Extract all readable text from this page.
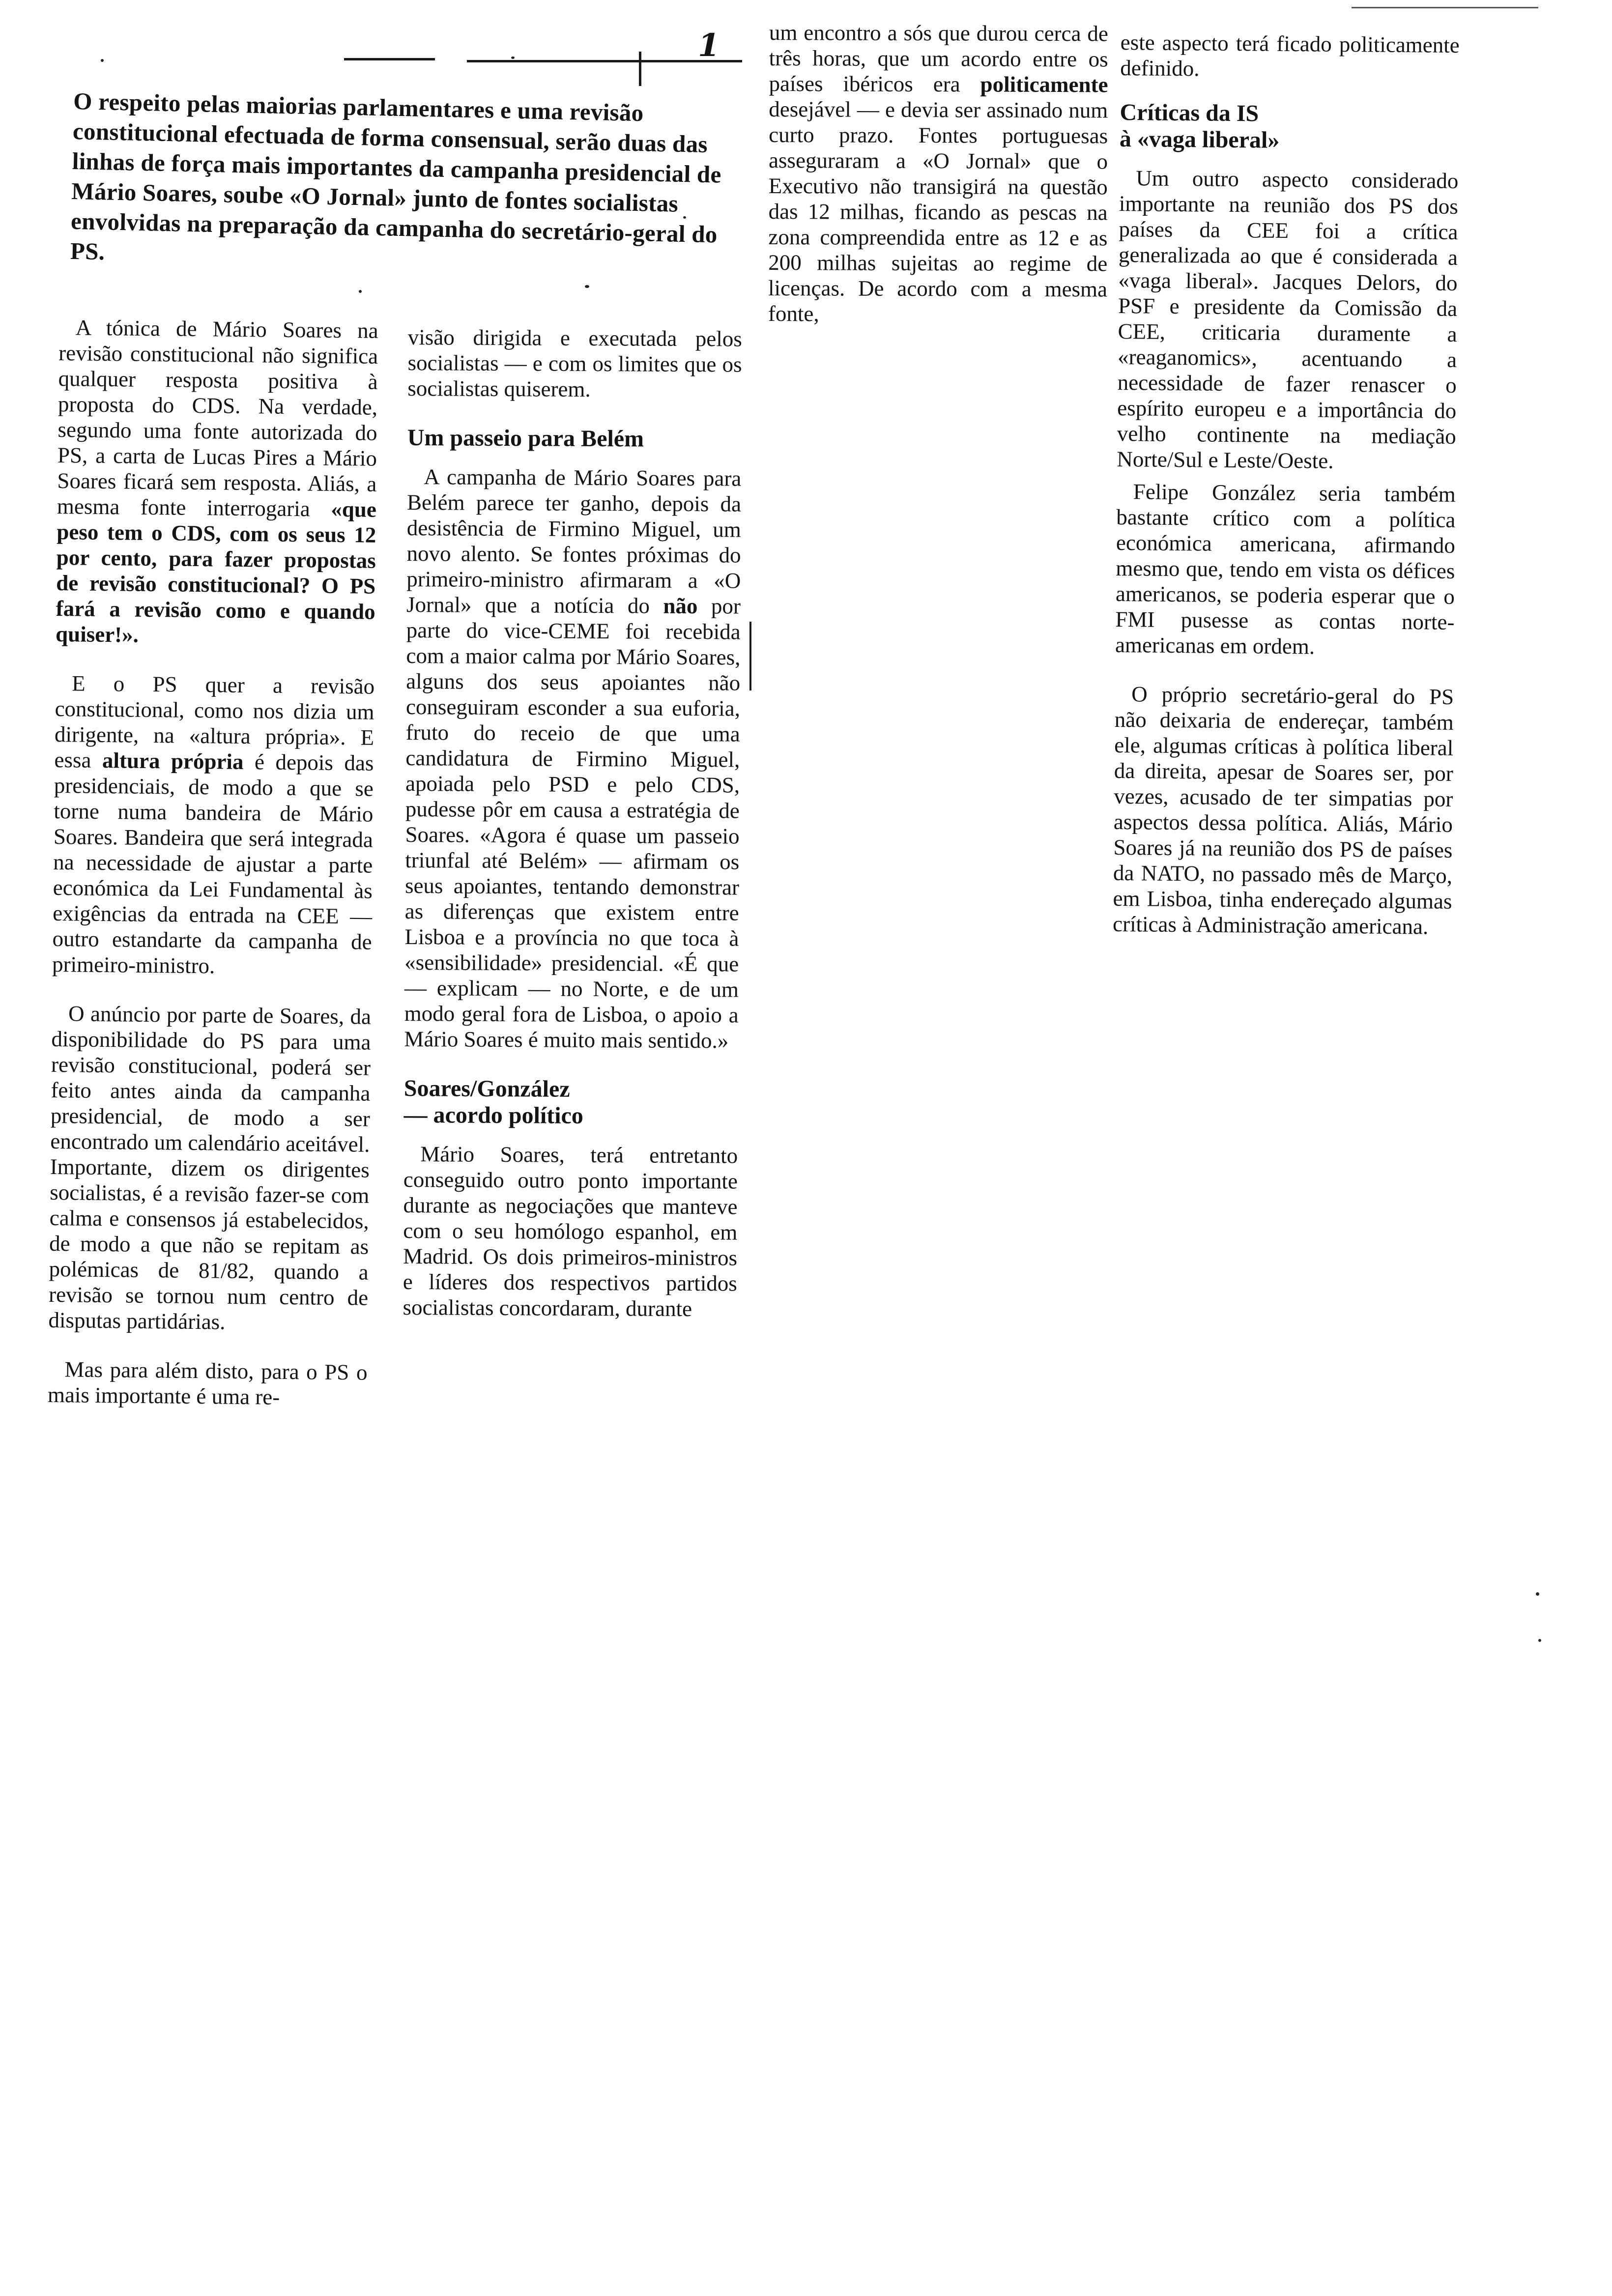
1
O respeito pelas maiorias parlamentares e uma revisão constitucional efectuada de forma consensual, serão duas das linhas de força mais importantes da campanha presidencial de Mário Soares, soube «O Jornal» junto de fontes socialistas envolvidas na preparação da campanha do secretário-geral do PS.

A tónica de Mário Soares na revisão constitucional não significa qualquer resposta positiva à proposta do CDS. Na verdade, segundo uma fonte autorizada do PS, a carta de Lucas Pires a Mário Soares ficará sem resposta. Aliás, a mesma fonte interrogaria «que peso tem o CDS, com os seus 12 por cento, para fazer propostas de revisão constitucional? O PS fará a revisão como e quando quiser!».

E o PS quer a revisão constitucional, como nos dizia um dirigente, na «altura própria». E essa altura própria é depois das presidenciais, de modo a que se torne numa bandeira de Mário Soares. Bandeira que será integrada na necessidade de ajustar a parte económica da Lei Fundamental às exigências da entrada na CEE — outro estandarte da campanha de primeiro-ministro.

O anúncio por parte de Soares, da disponibilidade do PS para uma revisão constitucional, poderá ser feito antes ainda da campanha presidencial, de modo a ser encontrado um calendário aceitável. Importante, dizem os dirigentes socialistas, é a revisão fazer-se com calma e consensos já estabelecidos, de modo a que não se repitam as polémicas de 81/82, quando a revisão se tornou num centro de disputas partidárias.

Mas para além disto, para o PS o mais importante é uma re-

visão dirigida e executada pelos socialistas — e com os limites que os socialistas quiserem.

Um passeio para Belém

A campanha de Mário Soares para Belém parece ter ganho, depois da desistência de Firmino Miguel, um novo alento. Se fontes próximas do primeiro-ministro afirmaram a «O Jornal» que a notícia do não por parte do vice-CEME foi recebida com a maior calma por Mário Soares, alguns dos seus apoiantes não conseguiram esconder a sua euforia, fruto do receio de que uma candidatura de Firmino Miguel, apoiada pelo PSD e pelo CDS, pudesse pôr em causa a estratégia de Soares. «Agora é quase um passeio triunfal até Belém» — afirmam os seus apoiantes, tentando demonstrar as diferenças que existem entre Lisboa e a província no que toca à «sensibilidade» presidencial. «É que — explicam — no Norte, e de um modo geral fora de Lisboa, o apoio a Mário Soares é muito mais sentido.»

Soares/González
— acordo político

Mário Soares, terá entretanto conseguido outro ponto importante durante as negociações que manteve com o seu homólogo espanhol, em Madrid. Os dois primeiros-ministros e líderes dos respectivos partidos socialistas concordaram, durante

um encontro a sós que durou cerca de três horas, que um acordo entre os países ibéricos era politicamente desejável — e devia ser assinado num curto prazo. Fontes portuguesas asseguraram a «O Jornal» que o Executivo não transigirá na questão das 12 milhas, ficando as pescas na zona compreendida entre as 12 e as 200 milhas sujeitas ao regime de licenças. De acordo com a mesma fonte,

este aspecto terá ficado politicamente definido.

Críticas da IS
à «vaga liberal»

Um outro aspecto considerado importante na reunião dos PS dos países da CEE foi a crítica generalizada ao que é considerada a «vaga liberal». Jacques Delors, do PSF e presidente da Comissão da CEE, criticaria duramente a «reaganomics», acentuando a necessidade de fazer renascer o espírito europeu e a importância do velho continente na mediação Norte/Sul e Leste/Oeste.

Felipe González seria também bastante crítico com a política económica americana, afirmando mesmo que, tendo em vista os défices americanos, se poderia esperar que o FMI pusesse as contas norte-americanas em ordem.

O próprio secretário-geral do PS não deixaria de endereçar, também ele, algumas críticas à política liberal da direita, apesar de Soares ser, por vezes, acusado de ter simpatias por aspectos dessa política. Aliás, Mário Soares já na reunião dos PS de países da NATO, no passado mês de Março, em Lisboa, tinha endereçado algumas críticas à Administração americana.
